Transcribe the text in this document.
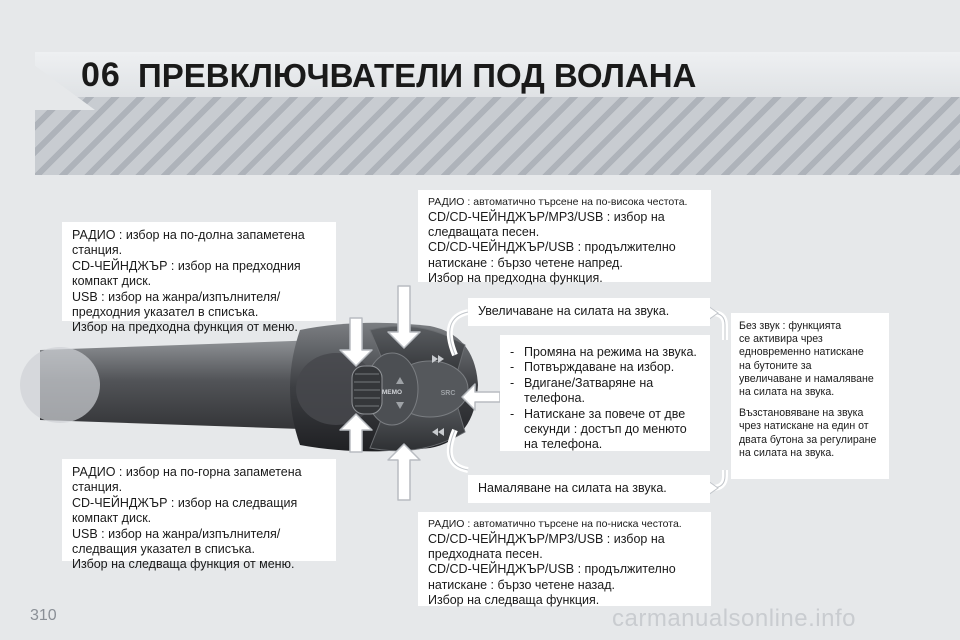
06 ПРЕВКЛЮЧВАТЕЛИ ПОД ВОЛАНА
MEMO	SRC

РАДИО : избор на по-долна запаметена

станция.

CD-ЧЕЙНДЖЪР : избор на предходния

компакт диск.

USB : избор на жанра/изпълнителя/

предходния указател в списъка.

Избор на предходна функция от меню.

РАДИО : избор на по-горна запаметена

станция.

CD-ЧЕЙНДЖЪР : избор на следващия

компакт диск.

USB : избор на жанра/изпълнителя/

следващия указател в списъка.

Избор на следваща функция от меню.

РАДИО : автоматично търсене на по-висока честота.

CD/CD-ЧЕЙНДЖЪР/MP3/USB : избор на

следващата песен.

CD/CD-ЧЕЙНДЖЪР/USB : продължително

натискане : бързо четене напред.

Избор на предходна функция.

РАДИО : автоматично търсене на по-ниска честота.

CD/CD-ЧЕЙНДЖЪР/MP3/USB : избор на

предходната песен.

CD/CD-ЧЕЙНДЖЪР/USB : продължително

натискане : бързо четене назад.

Избор на следваща функция.

Увеличаване на силата на звука.

Намаляване на силата на звука.

- Промяна на режима на звука.
- Потвърждаване на избор.
- Вдигане/Затваряне на телефона.
- Натискане за повече от две секунди : достъп до менюто на телефона.

Без звук : функцията

се активира чрез

едновременно натискане

на бутоните за

увеличаване и намаляване

на силата на звука.

Възстановяване на звука

чрез натискане на един от

двата бутона за регулиране

на силата на звука.

310	carmanualsonline.info
